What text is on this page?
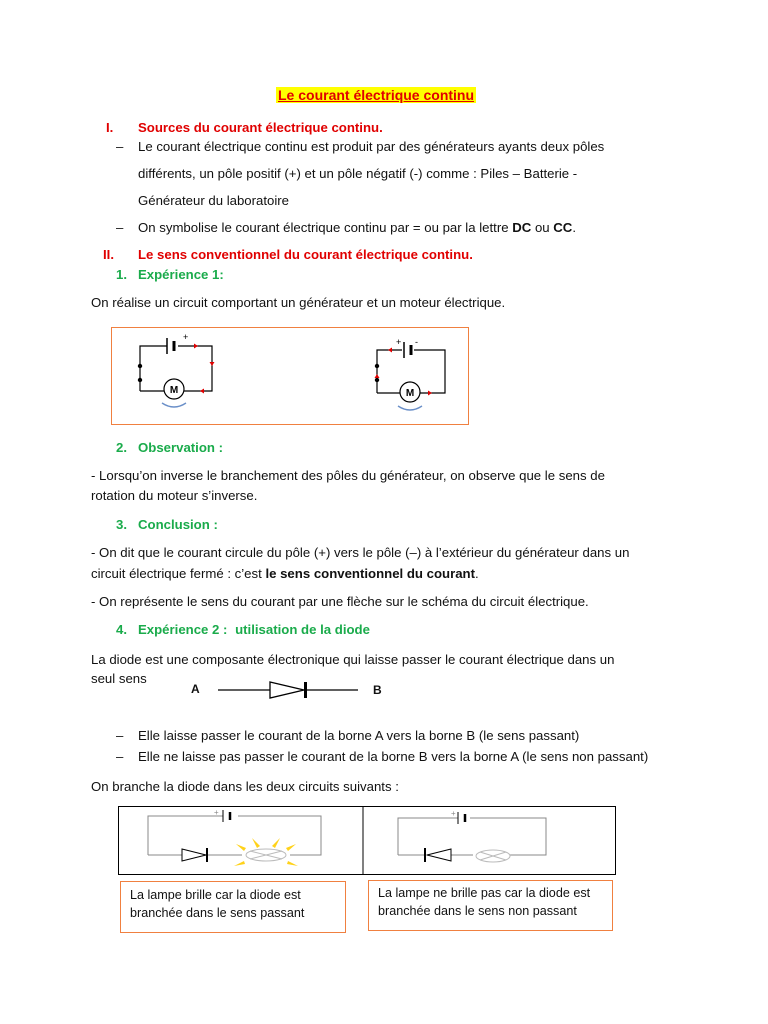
Le courant électrique continu
I. Sources du courant électrique continu.
– Le courant électrique continu est produit par des générateurs ayants deux pôles
différents, un pôle positif (+) et un pôle négatif (-) comme : Piles – Batterie -
Générateur du laboratoire
– On symbolise le courant électrique continu par = ou par la lettre DC ou CC.
II. Le sens conventionnel du courant électrique continu.
1. Expérience 1:
On réalise un circuit comportant un générateur et un moteur électrique.
M
+
M
+ -
2. Observation :
- Lorsqu’on inverse le branchement des pôles du générateur, on observe que le sens de
rotation du moteur s’inverse.
3. Conclusion :
- On dit que le courant circule du pôle (+) vers le pôle (–) à l’extérieur du générateur dans un
circuit électrique fermé : c’est le sens conventionnel du courant.
- On représente le sens du courant par une flèche sur le schéma du circuit électrique.
4. Expérience 2 : utilisation de la diode
La diode est une composante électronique qui laisse passer le courant électrique dans un
seul sens
A	B
– Elle laisse passer le courant de la borne A vers la borne B (le sens passant)
– Elle ne laisse pas passer le courant de la borne B vers la borne A (le sens non passant)
On branche la diode dans les deux circuits suivants :
+	+
La lampe brille car la diode est
branchée dans le sens passant
La lampe ne brille pas car la diode est
branchée dans le sens non passant
